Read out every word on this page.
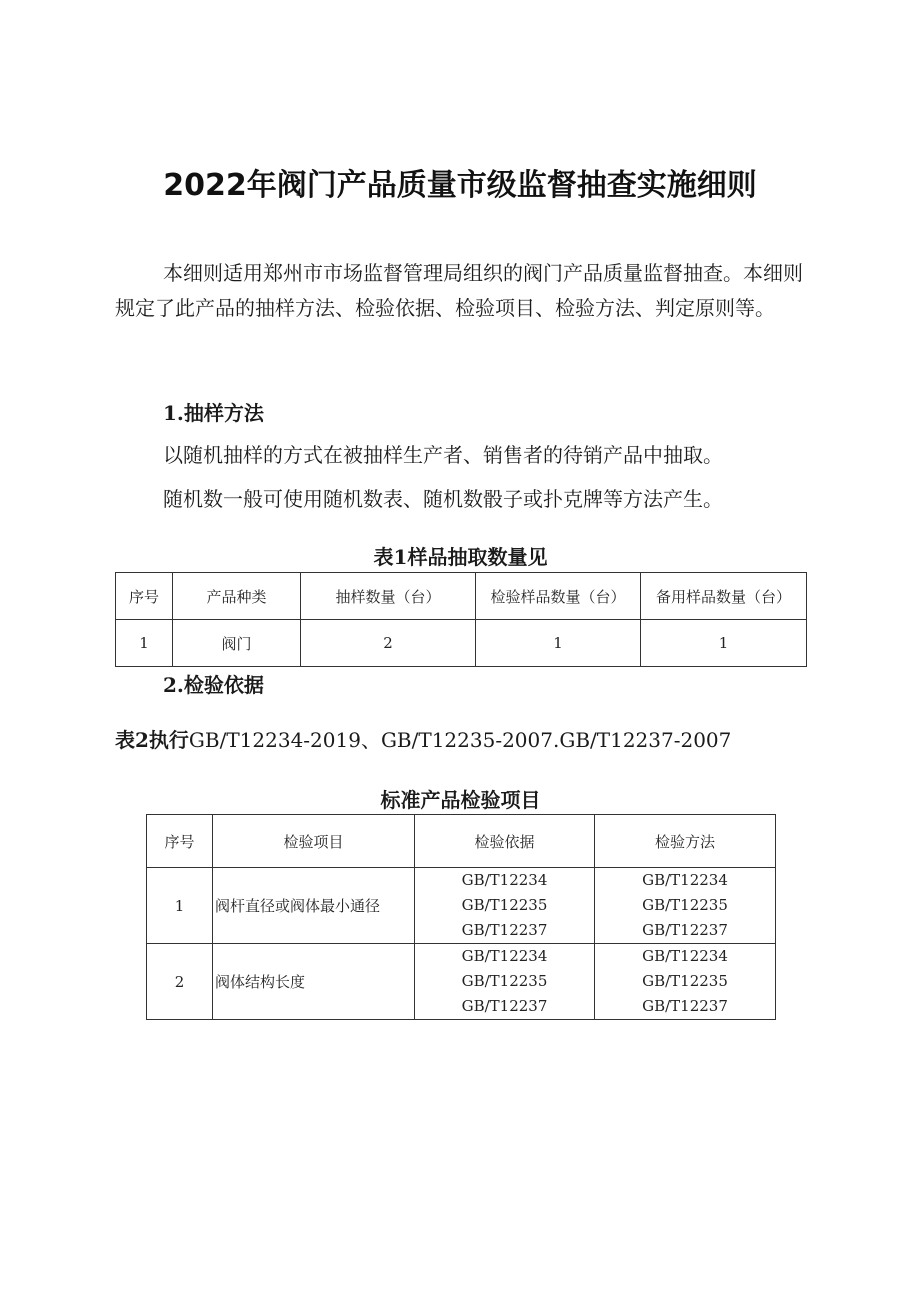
2022年阀门产品质量市级监督抽查实施细则
本细则适用郑州市市场监督管理局组织的阀门产品质量监督抽查。本细则规定了此产品的抽样方法、检验依据、检验项目、检验方法、判定原则等。
1.抽样方法
以随机抽样的方式在被抽样生产者、销售者的待销产品中抽取。
随机数一般可使用随机数表、随机数骰子或扑克牌等方法产生。
表1样品抽取数量见
序号	产品种类	抽样数量（台）	检验样品数量（台）	备用样品数量（台）
1	阀门	2	1	1
2.检验依据
表2执行GB/T12234-2019、GB/T12235-2007.GB/T12237-2007
标准产品检验项目
序号	检验项目	检验依据	检验方法
1	阀杆直径或阀体最小通径	GB/T12234
GB/T12235
GB/T12237	GB/T12234
GB/T12235
GB/T12237

2	阀体结构长度	GB/T12234
GB/T12235
GB/T12237	GB/T12234
GB/T12235
GB/T12237
